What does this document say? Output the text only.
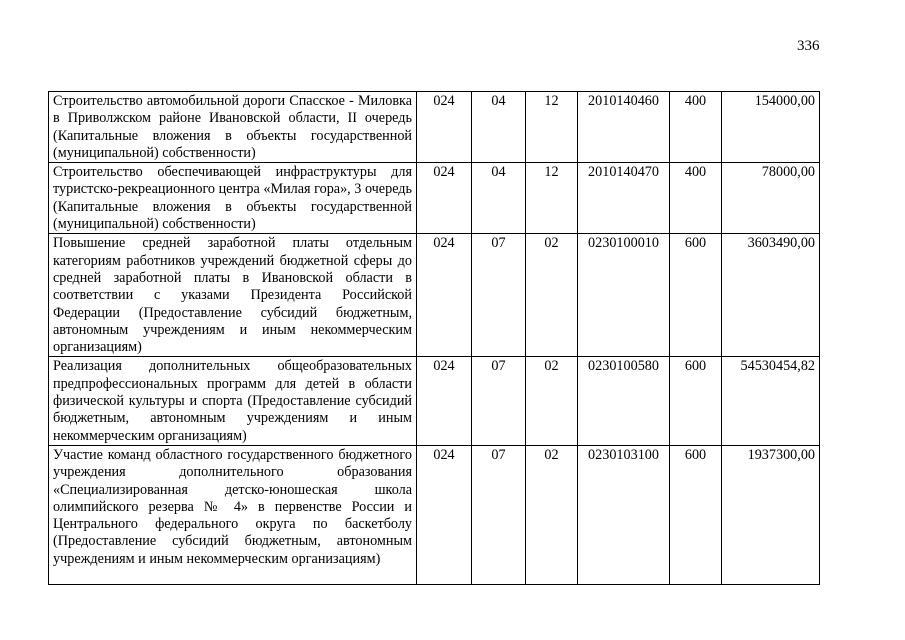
336
Строительство автомобильной дороги Спасское - Миловка в Приволжском районе Ивановской области, II очередь (Капитальные вложения в объекты государственной (муниципальной) собственности)	024	04	12	2010140460	400	154000,00
Строительство обеспечивающей инфраструктуры для туристско-рекреационного центра «Милая гора», 3 очередь (Капитальные вложения в объекты государственной (муниципальной) собственности)	024	04	12	2010140470	400	78000,00
Повышение средней заработной платы отдельным категориям работников учреждений бюджетной сферы до средней заработной платы в Ивановской области в соответствии с указами Президента Российской Федерации (Предоставление субсидий бюджетным, автономным учреждениям и иным некоммерческим организациям)	024	07	02	0230100010	600	3603490,00
Реализация дополнительных общеобразовательных предпрофессиональных программ для детей в области физической культуры и спорта (Предоставление субсидий бюджетным, автономным учреждениям и иным некоммерческим организациям)	024	07	02	0230100580	600	54530454,82
Участие команд областного государственного бюджетного учреждения дополнительного образования «Специализированная детско-юношеская школа олимпийского резерва № 4» в первенстве России и Центрального федерального округа по баскетболу (Предоставление субсидий бюджетным, автономным учреждениям и иным некоммерческим организациям)	024	07	02	0230103100	600	1937300,00
